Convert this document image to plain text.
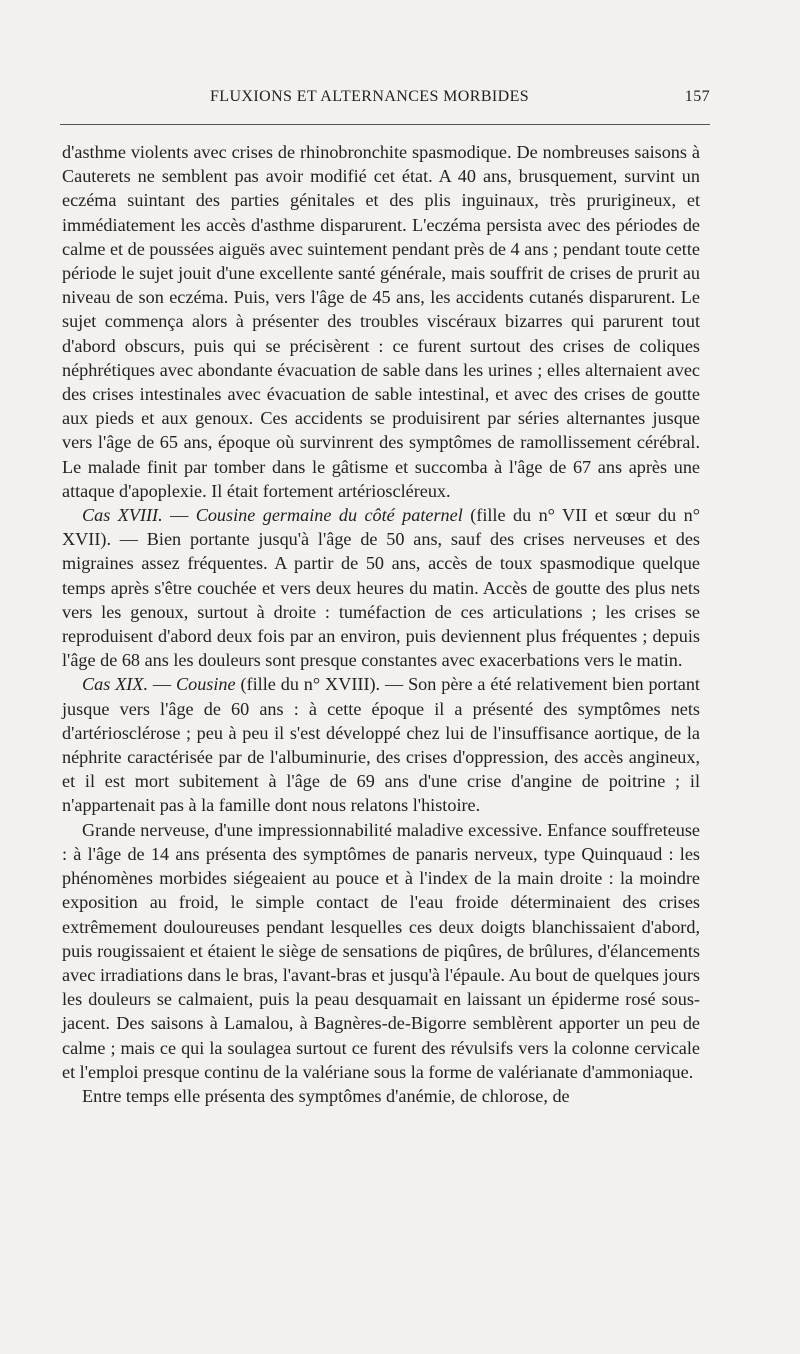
FLUXIONS ET ALTERNANCES MORBIDES	157

d'asthme violents avec crises de rhinobronchite spasmodique. De nombreuses saisons à Cauterets ne semblent pas avoir modifié cet état. A 40 ans, brusquement, survint un eczéma suintant des parties génitales et des plis inguinaux, très prurigineux, et immédiatement les accès d'asthme disparurent. L'eczéma persista avec des périodes de calme et de poussées aiguës avec suintement pendant près de 4 ans ; pendant toute cette période le sujet jouit d'une excellente santé générale, mais souffrit de crises de prurit au niveau de son eczéma. Puis, vers l'âge de 45 ans, les accidents cutanés disparurent. Le sujet commença alors à présenter des troubles viscéraux bizarres qui parurent tout d'abord obscurs, puis qui se précisèrent : ce furent surtout des crises de coliques néphrétiques avec abondante évacuation de sable dans les urines ; elles alternaient avec des crises intestinales avec évacuation de sable intestinal, et avec des crises de goutte aux pieds et aux genoux. Ces accidents se produisirent par séries alternantes jusque vers l'âge de 65 ans, époque où survinrent des symptômes de ramollissement cérébral. Le malade finit par tomber dans le gâtisme et succomba à l'âge de 67 ans après une attaque d'apoplexie. Il était fortement artérioscléreux.

Cas XVIII. — Cousine germaine du côté paternel (fille du n° VII et sœur du n° XVII). — Bien portante jusqu'à l'âge de 50 ans, sauf des crises nerveuses et des migraines assez fréquentes. A partir de 50 ans, accès de toux spasmodique quelque temps après s'être couchée et vers deux heures du matin. Accès de goutte des plus nets vers les genoux, surtout à droite : tuméfaction de ces articulations ; les crises se reproduisent d'abord deux fois par an environ, puis deviennent plus fréquentes ; depuis l'âge de 68 ans les douleurs sont presque constantes avec exacerbations vers le matin.

Cas XIX. — Cousine (fille du n° XVIII). — Son père a été relativement bien portant jusque vers l'âge de 60 ans : à cette époque il a présenté des symptômes nets d'artériosclérose ; peu à peu il s'est développé chez lui de l'insuffisance aortique, de la néphrite caractérisée par de l'albuminurie, des crises d'oppression, des accès angineux, et il est mort subitement à l'âge de 69 ans d'une crise d'angine de poitrine ; il n'appartenait pas à la famille dont nous relatons l'histoire.

Grande nerveuse, d'une impressionnabilité maladive excessive. Enfance souffreteuse : à l'âge de 14 ans présenta des symptômes de panaris nerveux, type Quinquaud : les phénomènes morbides siégeaient au pouce et à l'index de la main droite : la moindre exposition au froid, le simple contact de l'eau froide déterminaient des crises extrêmement douloureuses pendant lesquelles ces deux doigts blanchissaient d'abord, puis rougissaient et étaient le siège de sensations de piqûres, de brûlures, d'élancements avec irradiations dans le bras, l'avant-bras et jusqu'à l'épaule. Au bout de quelques jours les douleurs se calmaient, puis la peau desquamait en laissant un épiderme rosé sous-jacent. Des saisons à Lamalou, à Bagnères-de-Bigorre semblèrent apporter un peu de calme ; mais ce qui la soulagea surtout ce furent des révulsifs vers la colonne cervicale et l'emploi presque continu de la valériane sous la forme de valérianate d'ammoniaque.

Entre temps elle présenta des symptômes d'anémie, de chlorose, de
